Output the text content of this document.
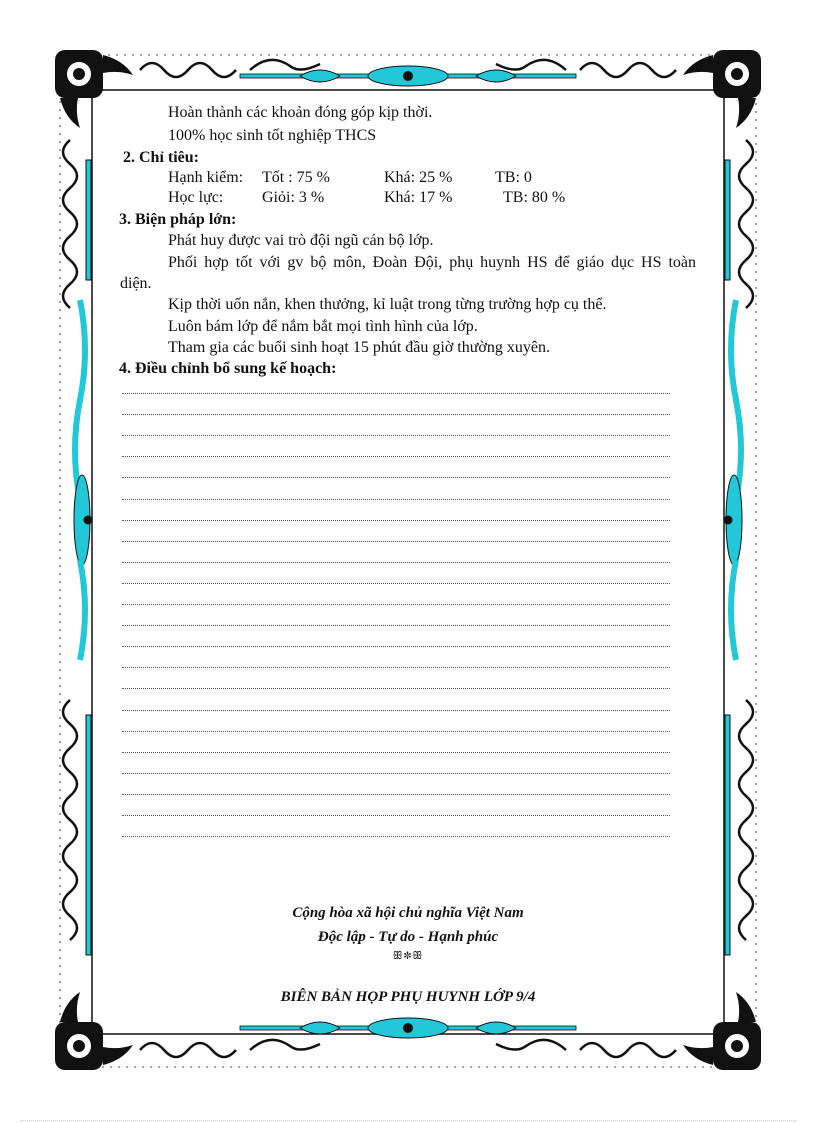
Hoàn thành các khoản đóng góp kịp thời.
100% học sinh tốt nghiệp THCS
2. Chỉ tiêu:
Hạnh kiểm: Tốt : 75 %	Khá: 25 %	TB: 0
Học lực: Giỏi: 3 %	Khá: 17 %	TB: 80 %
3. Biện pháp lớn:
Phát huy được vai trò đội ngũ cán bộ lớp.
Phối hợp tốt với gv bộ môn, Đoàn Đội, phụ huynh HS để giáo dục HS toàn
diện.
Kịp thời uốn nắn, khen thưởng, kỉ luật trong từng trường hợp cụ thể.
Luôn bám lớp để nắm bắt mọi tình hình của lớp.
Tham gia các buổi sinh hoạt 15 phút đầu giờ thường xuyên.
4. Điều chỉnh bổ sung kế hoạch:
Cộng hòa xã hội chủ nghĩa Việt Nam
Độc lập - Tự do - Hạnh phúc
ꕥ✽ꕥ
BIÊN BẢN HỌP PHỤ HUYNH LỚP 9/4
